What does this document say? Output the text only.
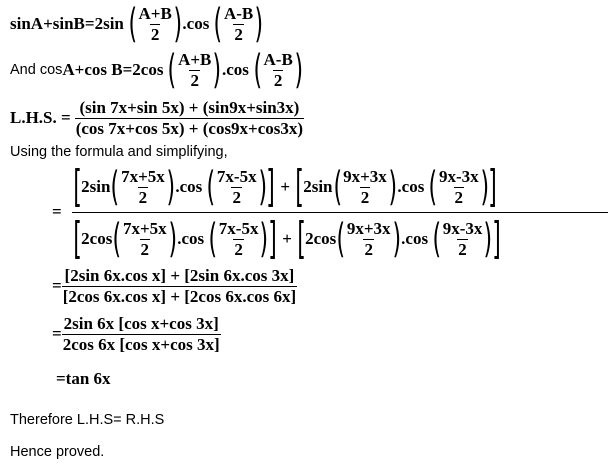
sinA+sinB=2sin ( $\frac{A+B}{2}$ ) .cos ( $\frac{A-B}{2}$ )
And cos A+cos B=2cos ( $\frac{A+B}{2}$ ) .cos ( $\frac{A-B}{2}$ )
L.H.S. = $\frac{(\sin 7x+\sin 5x) + (\sin 9x+\sin 3x)}{(\cos 7x+\cos 5x) + (\cos 9x+\cos 3x)}$
Using the formula and simplifying,
= [ 2sin ( $\frac{7x+5x}{2}$ ) .cos ( $\frac{7x-5x}{2}$ ) ] + [ 2sin ( $\frac{9x+3x}{2}$ ) .cos ( $\frac{9x-3x}{2}$ ) ]
[ 2cos ( $\frac{7x+5x}{2}$ ) .cos ( $\frac{7x-5x}{2}$ ) ] + [ 2cos ( $\frac{9x+3x}{2}$ ) .cos ( $\frac{9x-3x}{2}$ ) ]
= $\frac{\text{[2sin 6x.cos x] + [2sin 6x.cos 3x]}}{\text{[2cos 6x.cos x] + [2cos 6x.cos 6x]}}$
= $\frac{\text{2sin 6x [cos x+cos 3x]}}{\text{2cos 6x [cos x+cos 3x]}}$
=tan 6x
Therefore L.H.S= R.H.S
Hence proved.
